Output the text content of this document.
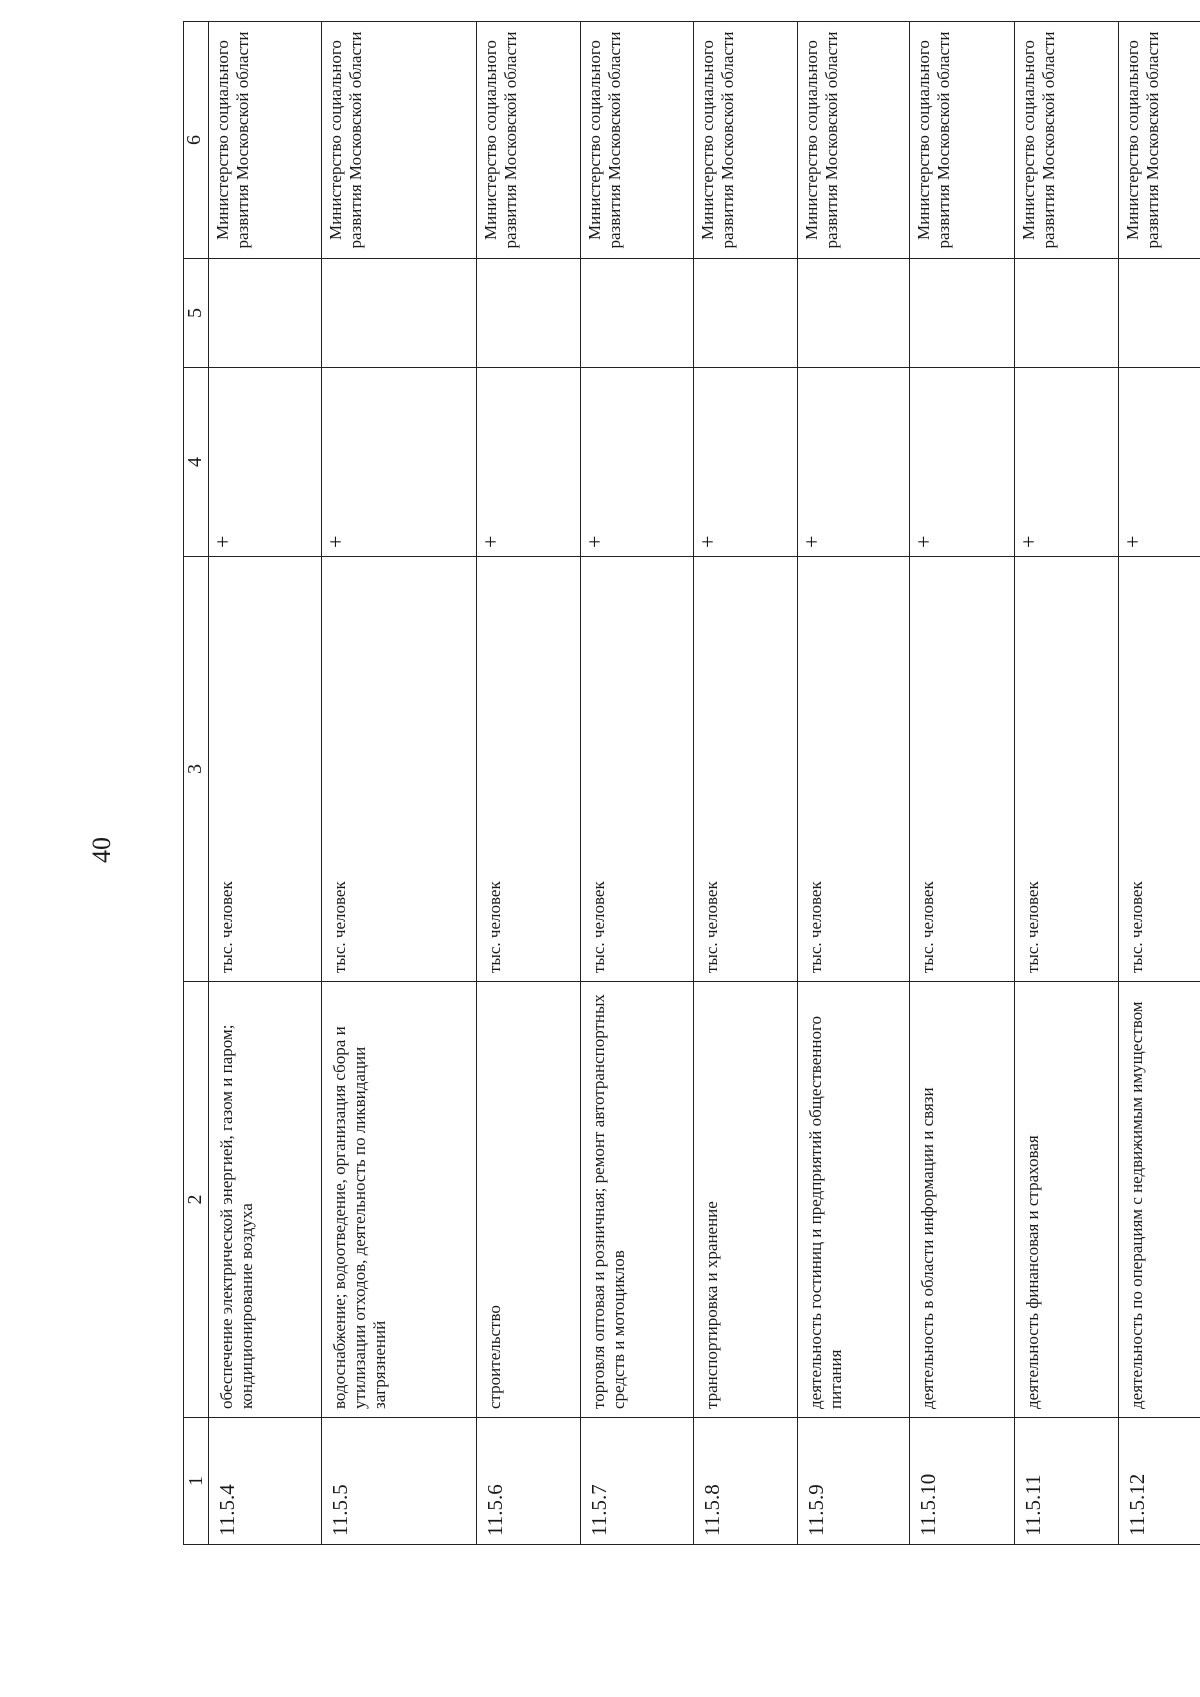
40
1	2	3	4	5	6
11.5.4	обеспечение электрической энергией, газом и паром; кондиционирование воздуха	тыс. человек	+		Министерство социального развития Московской области
11.5.5	водоснабжение; водоотведение, организация сбора и утилизации отходов, деятельность по ликвидации загрязнений	тыс. человек	+		Министерство социального развития Московской области
11.5.6	строительство	тыс. человек	+		Министерство социального развития Московской области
11.5.7	торговля оптовая и розничная; ремонт автотранспортных средств и мотоциклов	тыс. человек	+		Министерство социального развития Московской области
11.5.8	транспортировка и хранение	тыс. человек	+		Министерство социального развития Московской области
11.5.9	деятельность гостиниц и предприятий общественного питания	тыс. человек	+		Министерство социального развития Московской области
11.5.10	деятельность в области информации и связи	тыс. человек	+		Министерство социального развития Московской области
11.5.11	деятельность финансовая и страховая	тыс. человек	+		Министерство социального развития Московской области
11.5.12	деятельность по операциям с недвижимым имуществом	тыс. человек	+		Министерство социального развития Московской области
